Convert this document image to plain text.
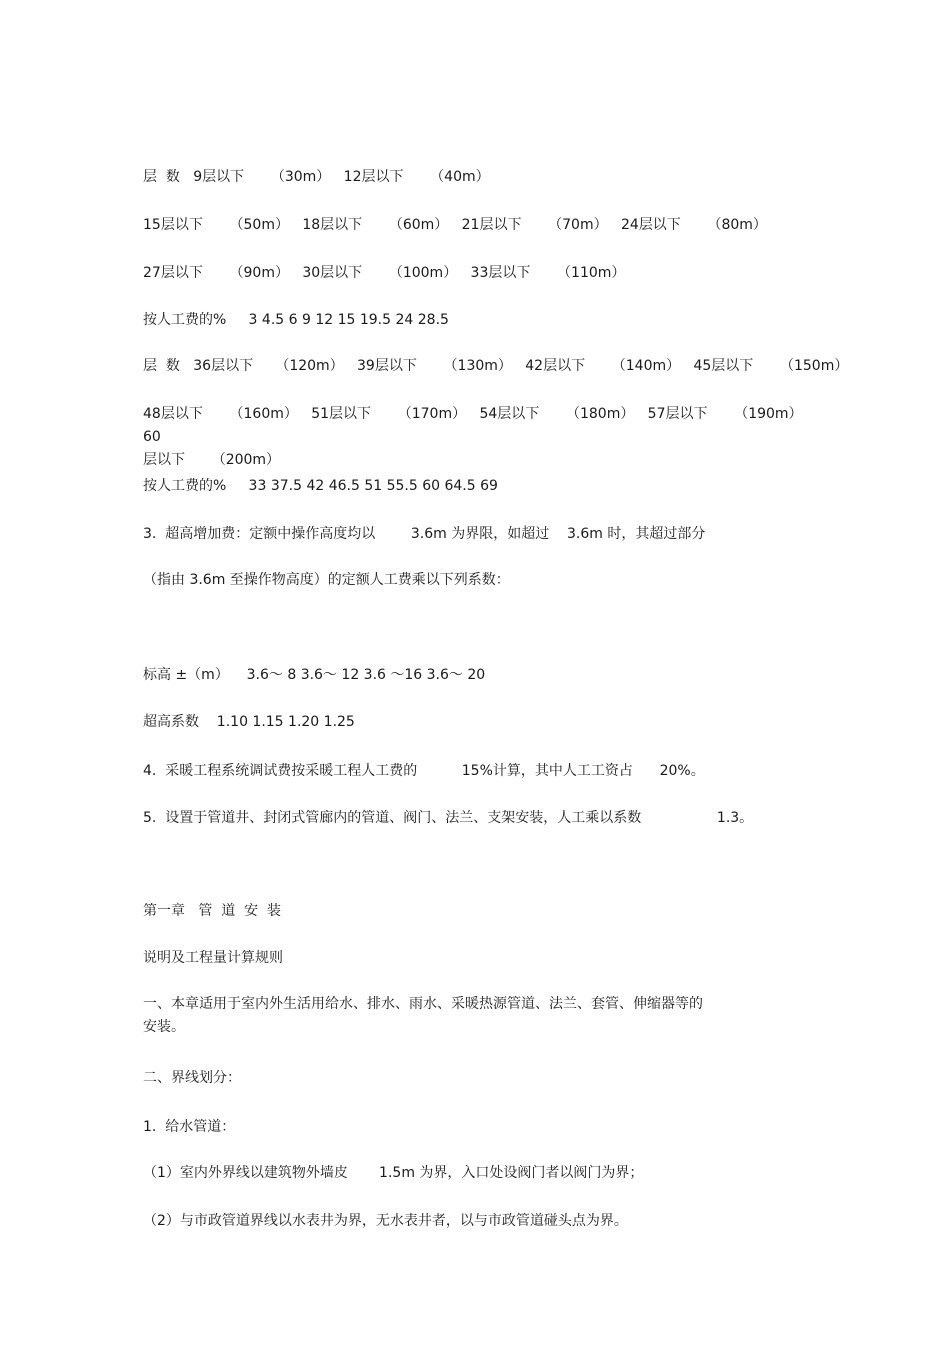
层  数   9层以下      （30m）   12层以下      （40m）
15层以下      （50m）   18层以下      （60m）   21层以下      （70m）   24层以下      （80m）
27层以下      （90m）   30层以下      （100m）   33层以下      （110m）
按人工费的%     3 4.5 6 9 12 15 19.5 24 28.5
层  数   36层以下     （120m）   39层以下      （130m）   42层以下      （140m）   45层以下      （150m）
48层以下      （160m）   51层以下      （170m）   54层以下      （180m）   57层以下      （190m）   60
层以下      （200m）
按人工费的%     33 37.5 42 46.5 51 55.5 60 64.5 69
3.  超高增加费：定额中操作高度均以        3.6m 为界限，如超过    3.6m 时，其超过部分
（指由 3.6m 至操作物高度）的定额人工费乘以下列系数：
标高 ±（m）    3.6～ 8 3.6～ 12 3.6 ～16 3.6～ 20
超高系数    1.10 1.15 1.20 1.25
4.  采暖工程系统调试费按采暖工程人工费的          15%计算，其中人工工资占      20%。
5.  设置于管道井、封闭式管廊内的管道、阀门、法兰、支架安装，人工乘以系数                 1.3。
第一章   管  道  安  装
说明及工程量计算规则
一、本章适用于室内外生活用给水、排水、雨水、采暖热源管道、法兰、套管、伸缩器等的
安装。
二、界线划分：
1.  给水管道：
（1）室内外界线以建筑物外墙皮       1.5m 为界，入口处设阀门者以阀门为界；
（2）与市政管道界线以水表井为界，无水表井者，以与市政管道碰头点为界。
